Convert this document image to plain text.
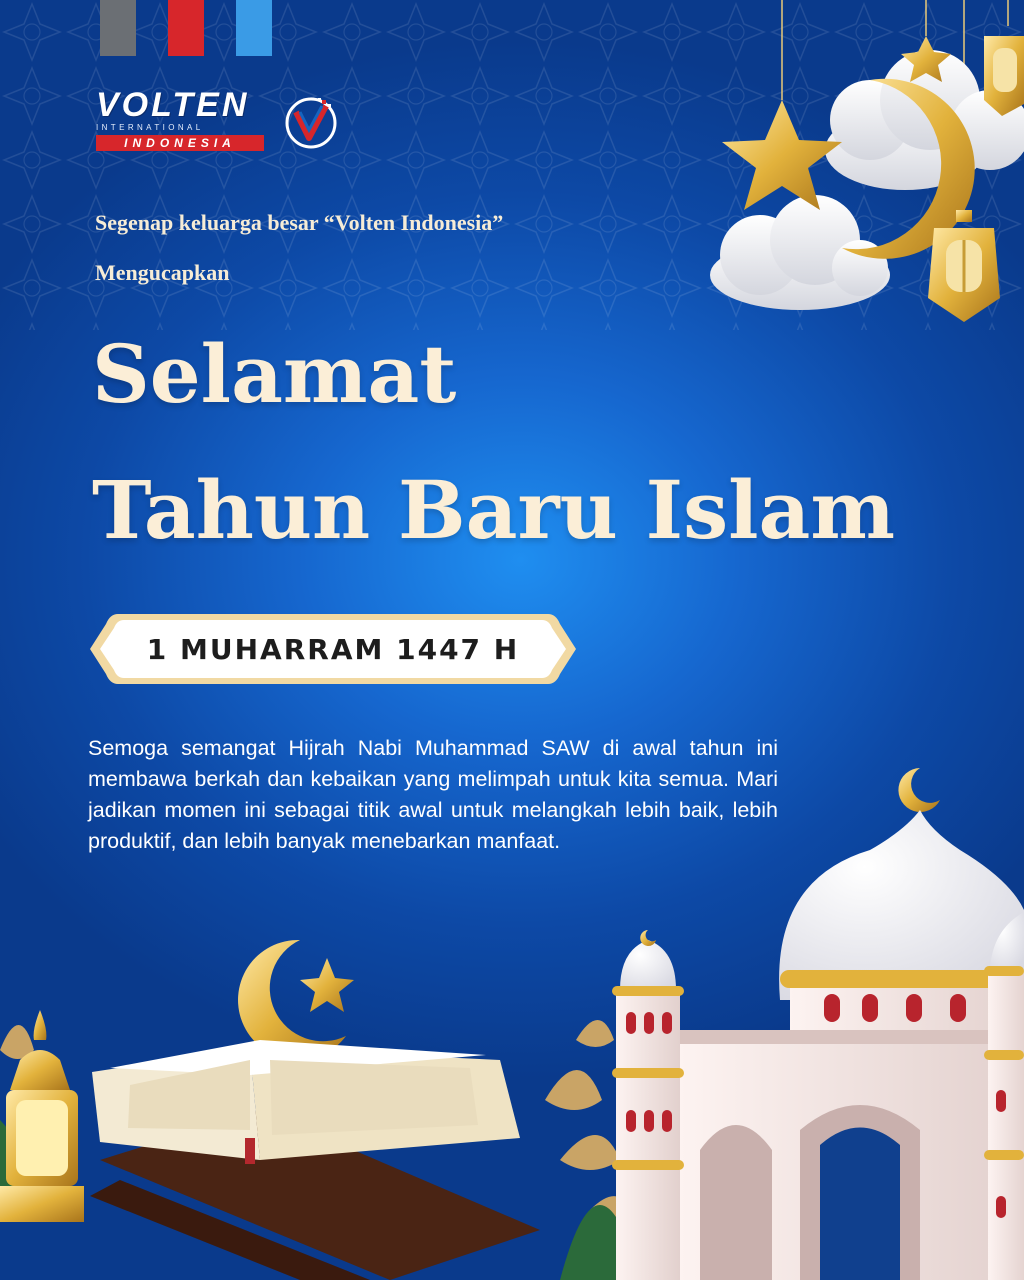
VOLTEN
INTERNATIONAL
INDONESIA
Segenap keluarga besar “Volten Indonesia”
Mengucapkan
Selamat
Tahun Baru Islam
1 MUHARRAM 1447 H
Semoga semangat Hijrah Nabi Muhammad SAW di awal tahun ini membawa berkah dan kebaikan yang melimpah untuk kita semua. Mari jadikan momen ini sebagai titik awal untuk melangkah lebih baik, lebih produktif, dan lebih banyak menebarkan manfaat.
